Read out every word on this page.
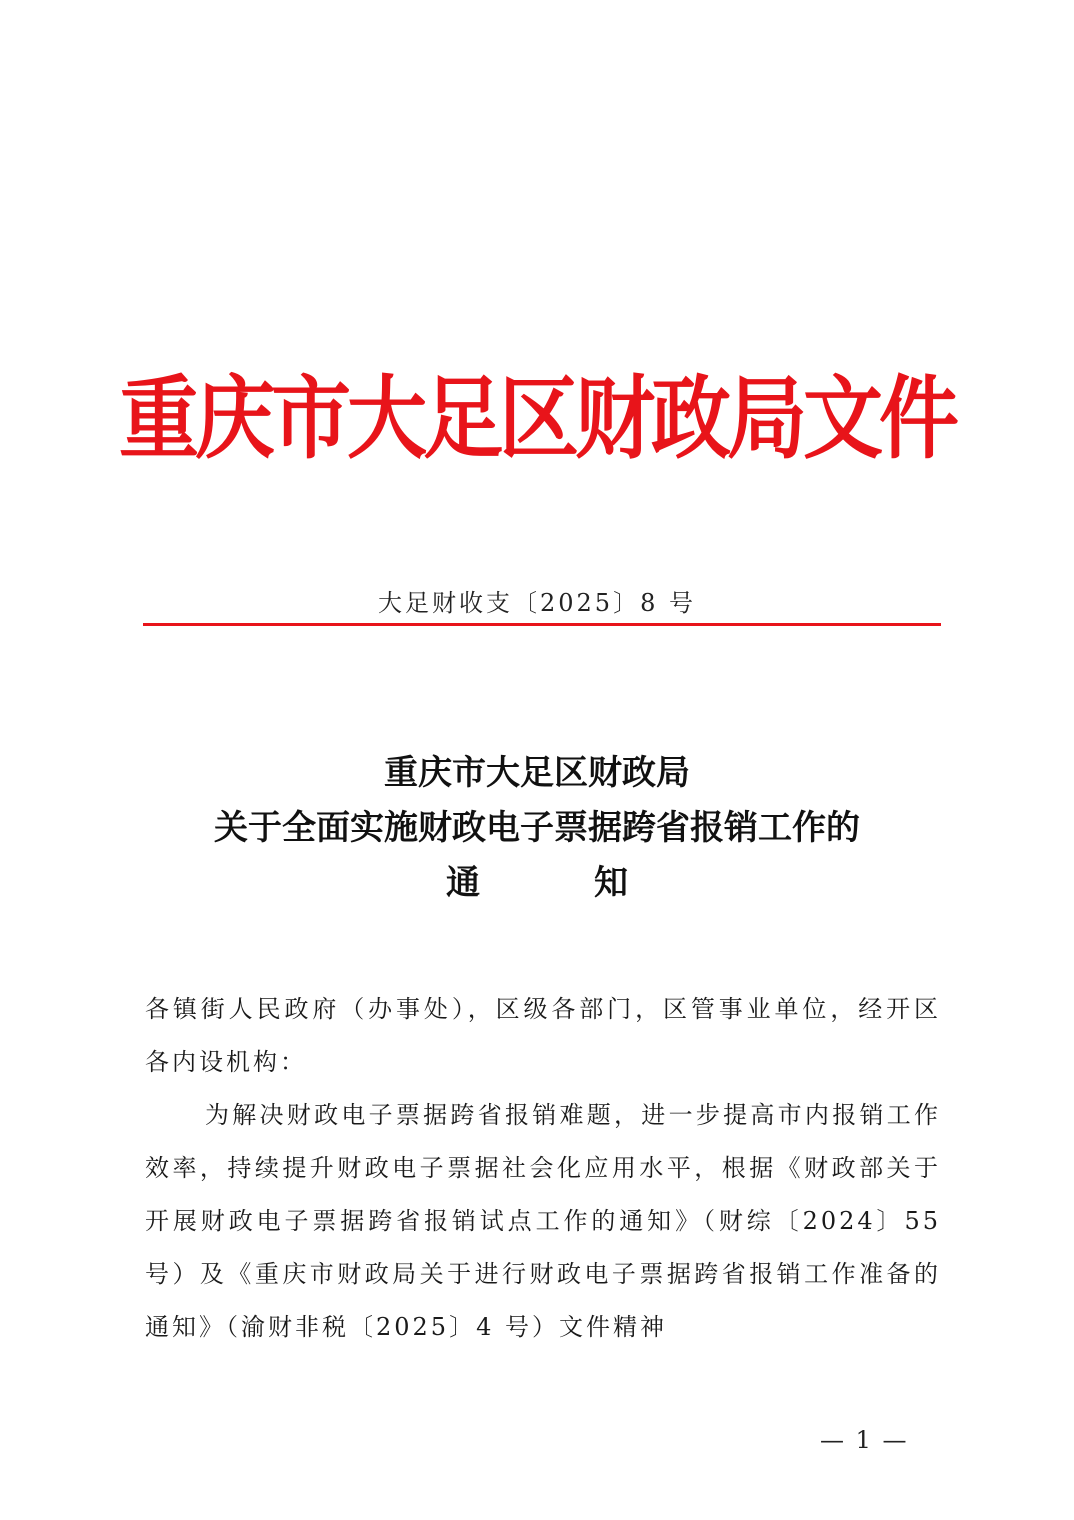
重庆市大足区财政局文件
大足财收支〔2025〕8 号
重庆市大足区财政局
关于全面实施财政电子票据跨省报销工作的
通　知

各镇街人民政府（办事处），区级各部门，区管事业单位，经开区各内设机构：

为解决财政电子票据跨省报销难题，进一步提高市内报销工作效率，持续提升财政电子票据社会化应用水平，根据《财政部关于开展财政电子票据跨省报销试点工作的通知》（财综〔2024〕55 号）及《重庆市财政局关于进行财政电子票据跨省报销工作准备的通知》（渝财非税〔2025〕4 号）文件精神

— 1 —
